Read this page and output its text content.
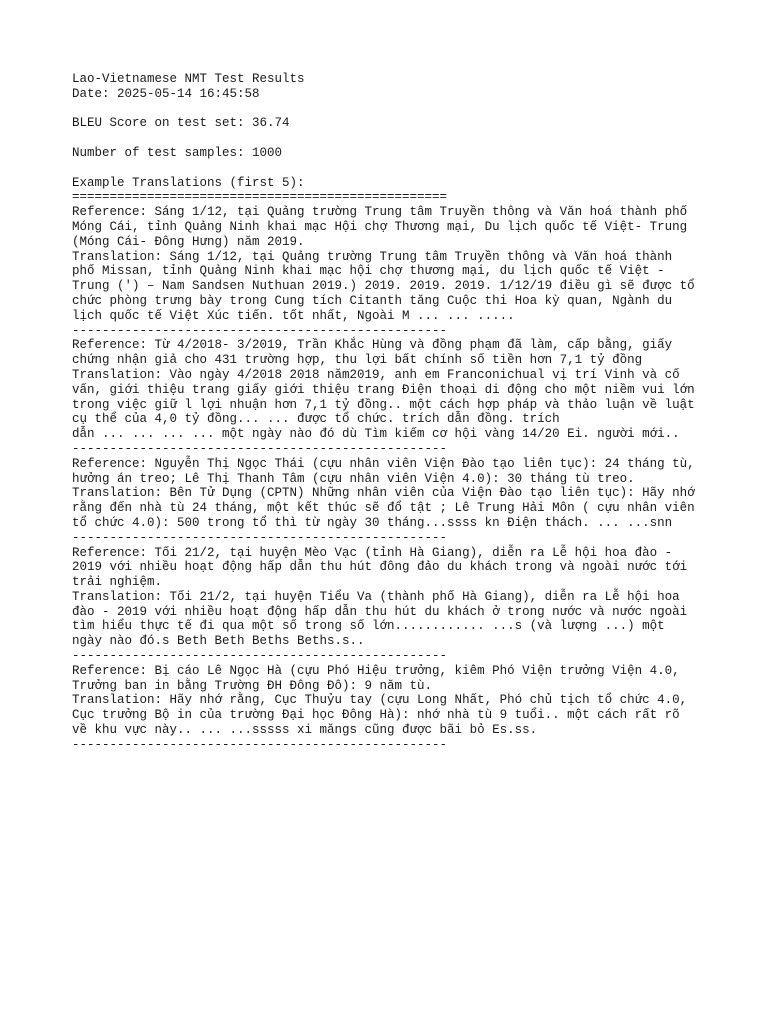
Lao-Vietnamese NMT Test Results
Date: 2025-05-14 16:45:58
BLEU Score on test set: 36.74
Number of test samples: 1000
Example Translations (first 5):
==================================================
Reference: Sáng 1/12, tại Quảng trường Trung tâm Truyền thông và Văn hoá thành phố
Móng Cái, tỉnh Quảng Ninh khai mạc Hội chợ Thương mại, Du lịch quốc tế Việt- Trung
(Móng Cái- Đông Hưng) năm 2019.
Translation: Sáng 1/12, tại Quảng trường Trung tâm Truyền thông và Văn hoá thành
phố Missan, tỉnh Quảng Ninh khai mạc hội chợ thương mại, du lịch quốc tế Việt -
Trung (') – Nam Sandsen Nuthuan 2019.) 2019. 2019. 2019. 1/12/19 điều gì sẽ được tổ
chức phòng trưng bày trong Cung tích Citanth tăng Cuộc thi Hoa kỳ quan, Ngành du
lịch quốc tế Việt Xúc tiến. tốt nhất, Ngoài M ... ... .....
--------------------------------------------------
Reference: Từ 4/2018- 3/2019, Trần Khắc Hùng và đồng phạm đã làm, cấp bằng, giấy
chứng nhận giả cho 431 trường hợp, thu lợi bất chính số tiền hơn 7,1 tỷ đồng
Translation: Vào ngày 4/2018 2018 năm2019, anh em Franconichual vị trí Vinh và cố
vấn, giới thiệu trang giấy giới thiệu trang Điện thoại di động cho một niềm vui lớn
trong việc giữ l lợi nhuận hơn 7,1 tỷ đồng.. một cách hợp pháp và thảo luận về luật
cụ thể của 4,0 tỷ đồng... ... được tổ chức. trích dẫn đồng. trích
dẫn ... ... ... ... một ngày nào đó dù Tìm kiếm cơ hội vàng 14/20 Ei. người mới..
--------------------------------------------------
Reference: Nguyễn Thị Ngọc Thái (cựu nhân viên Viện Đào tạo liên tục): 24 tháng tù,
hưởng án treo; Lê Thị Thanh Tâm (cựu nhân viên Viện 4.0): 30 tháng tù treo.
Translation: Bên Tử Dụng (CPTN) Những nhân viên của Viện Đào tạo liên tục): Hãy nhớ
rằng đến nhà tù 24 tháng, một kết thúc sẽ đổ tật ; Lê Trung Hải Môn ( cựu nhân viên
tổ chức 4.0): 500 trong tổ thì từ ngày 30 tháng...ssss kn Điện thách. ... ...snn
--------------------------------------------------
Reference: Tối 21/2, tại huyện Mèo Vạc (tỉnh Hà Giang), diễn ra Lễ hội hoa đào -
2019 với nhiều hoạt động hấp dẫn thu hút đông đảo du khách trong và ngoài nước tới
trải nghiệm.
Translation: Tối 21/2, tại huyện Tiểu Va (thành phố Hà Giang), diễn ra Lễ hội hoa
đào - 2019 với nhiều hoạt động hấp dẫn thu hút du khách ở trong nước và nước ngoài
tìm hiểu thực tế đi qua một số trong số lớn............ ...s (và lượng ...) một
ngày nào đó.s Beth Beth Beths Beths.s..
--------------------------------------------------
Reference: Bị cáo Lê Ngọc Hà (cựu Phó Hiệu trưởng, kiêm Phó Viện trưởng Viện 4.0,
Trưởng ban in bằng Trường ĐH Đông Đô): 9 năm tù.
Translation: Hãy nhớ rằng, Cục Thuỷu tay (cựu Long Nhất, Phó chủ tịch tổ chức 4.0,
Cục trưởng Bộ in của trường Đại học Đông Hà): nhớ nhà tù 9 tuổi.. một cách rất rõ
về khu vực này.. ... ...sssss xi măngs cũng được bãi bỏ Es.ss.
--------------------------------------------------
